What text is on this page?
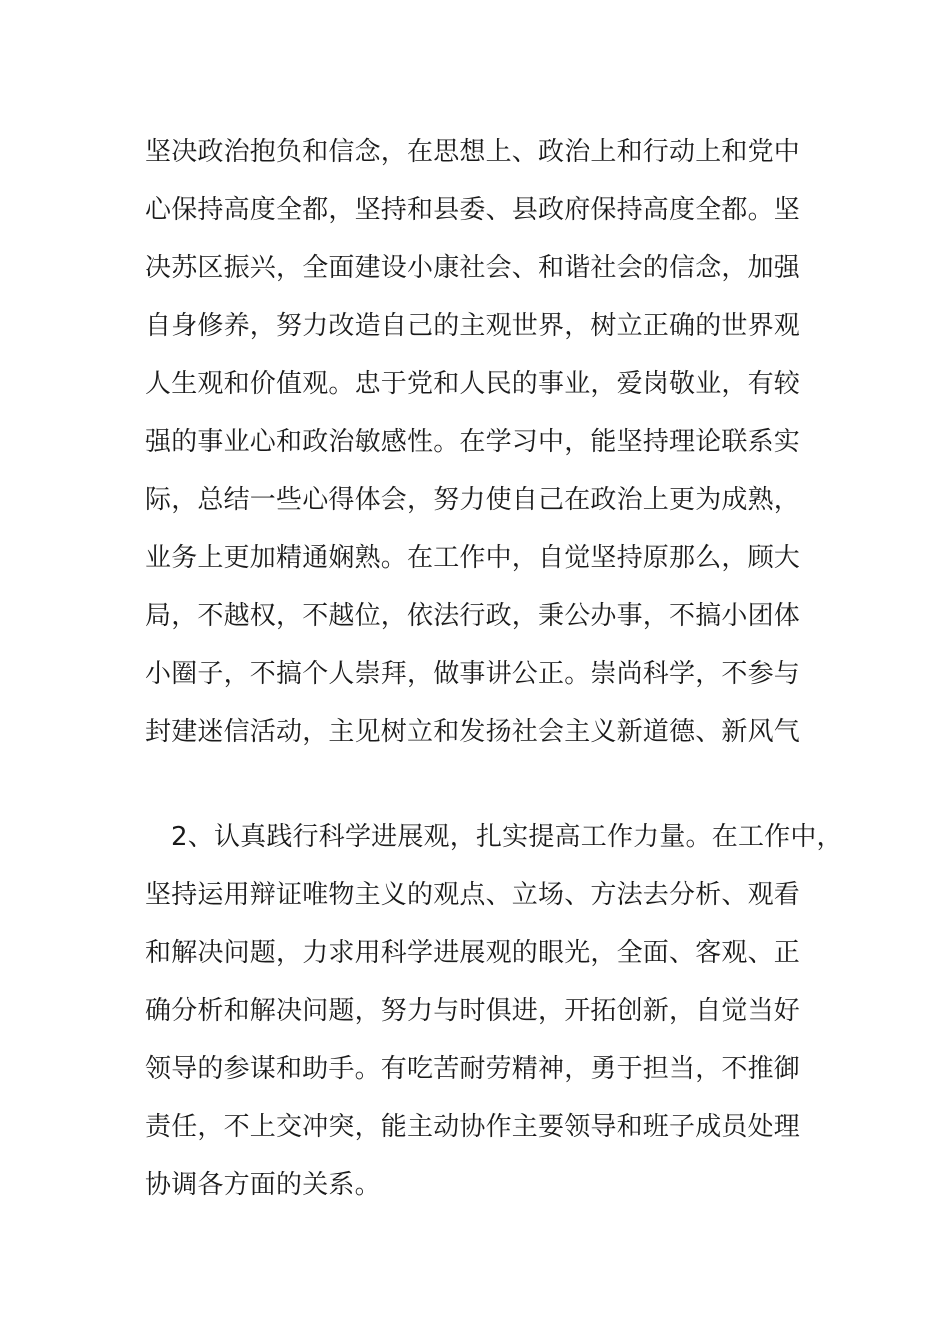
坚决政治抱负和信念，在思想上、政治上和行动上和党中
心保持高度全都，坚持和县委、县政府保持高度全都。坚
决苏区振兴，全面建设小康社会、和谐社会的信念，加强
自身修养，努力改造自己的主观世界，树立正确的世界观
人生观和价值观。忠于党和人民的事业，爱岗敬业，有较
强的事业心和政治敏感性。在学习中，能坚持理论联系实
际，总结一些心得体会，努力使自己在政治上更为成熟，
业务上更加精通娴熟。在工作中，自觉坚持原那么，顾大
局，不越权，不越位，依法行政，秉公办事，不搞小团体
小圈子，不搞个人崇拜，做事讲公正。崇尚科学，不参与
封建迷信活动，主见树立和发扬社会主义新道德、新风气
2、认真践行科学进展观，扎实提高工作力量。在工作中，
坚持运用辩证唯物主义的观点、立场、方法去分析、观看
和解决问题，力求用科学进展观的眼光，全面、客观、正
确分析和解决问题，努力与时俱进，开拓创新，自觉当好
领导的参谋和助手。有吃苦耐劳精神，勇于担当，不推御
责任，不上交冲突，能主动协作主要领导和班子成员处理
协调各方面的关系。
